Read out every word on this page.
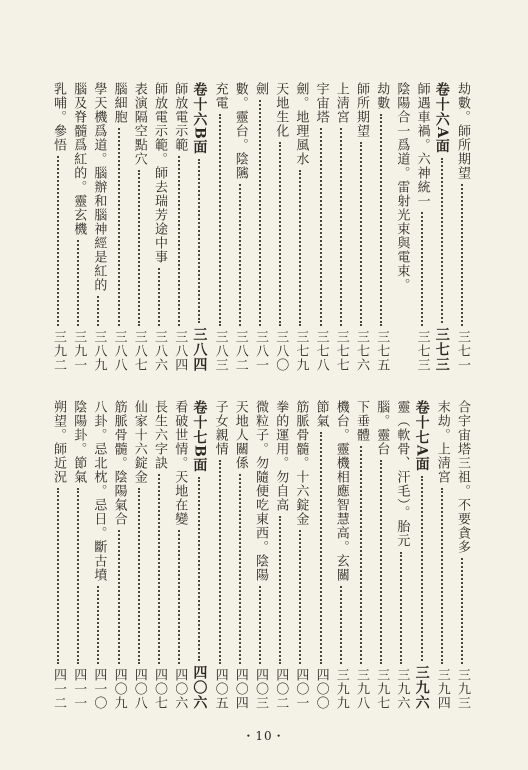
劫數。師所期望
三七一
卷十六A面
三七三
師遇車禍。六神統一
三七三
陰陽合一爲道。雷射光束與電束。
劫數
三七五
師所期望
三七六
上淸宮
三七七
宇宙塔
三七八
劍。地理風水
三七九
天地生化
三八〇
劍
三八一
數。靈台。陰隲
三八二
充電
三八三
卷十六B面
三八四
師放電示範
三八四
師放電示範。師去瑞芳途中事
三八六
表演隔空點穴
三八七
腦細胞
三八八
學天機爲道。腦辦和腦神經是紅的
三八九
腦及脊髓爲紅的。靈玄機
三九一
乳哺。參悟
三九二
合宇宙塔三祖。不要貪多
三九三
末劫。上淸宮
三九四
卷十七A面
三九六
靈（軟骨、汗毛）。胎元
三九六
腦。靈台
三九七
下垂體
三九八
機台。靈機相應智慧高。玄關
三九九
節氣
四〇〇
筋脈骨髓。十六錠金
四〇一
拳的運用。勿自高
四〇二
微粒子。勿隨便吃東西。陰陽
四〇三
天地人關係
四〇四
子女親情
四〇五
卷十七B面
四〇六
看破世情。天地在變
四〇六
長生六字訣
四〇七
仙家十六錠金
四〇八
筋脈骨髓。陰陽氣合
四〇九
八卦。忌北枕。忌日。斷古墳
四一〇
陰陽卦。節氣
四一一
朔望。師近況
四一二
・10・
